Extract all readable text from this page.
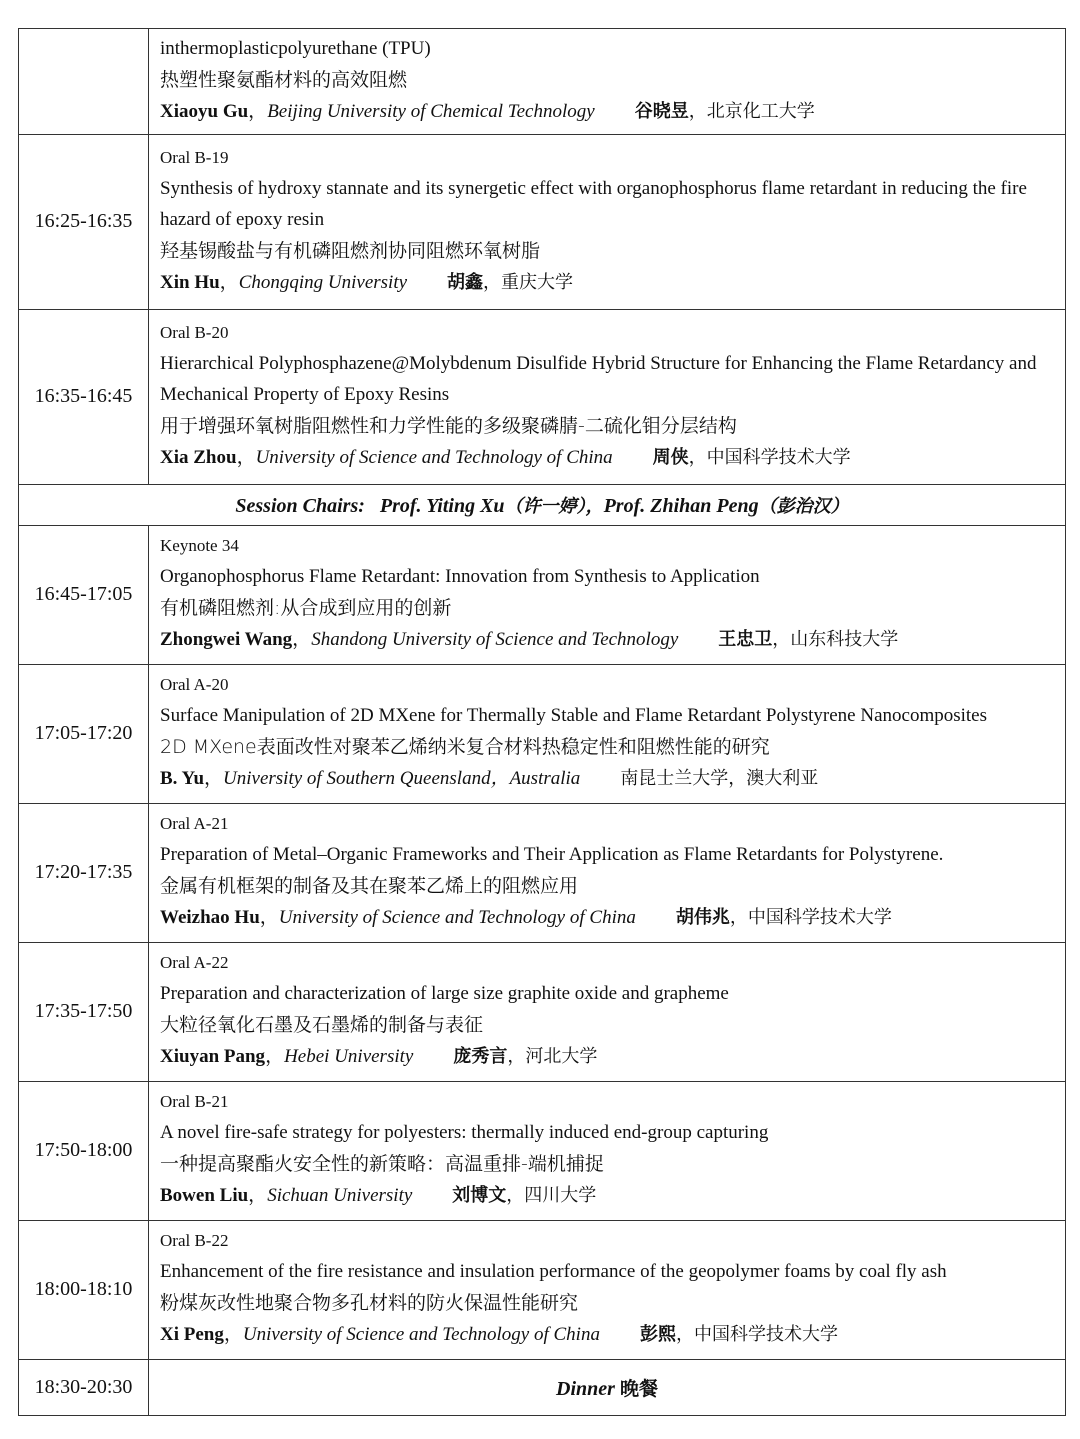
	inthermoplasticpolyurethane (TPU)
热塑性聚氨酯材料的高效阻燃
Xiaoyu Gu，Beijing University of Chemical Technology 谷晓昱，北京化工大学

16:25-16:35	Oral B-19
Synthesis of hydroxy stannate and its synergetic effect with organophosphorus flame retardant in reducing the fire hazard of epoxy resin
羟基锡酸盐与有机磷阻燃剂协同阻燃环氧树脂
Xin Hu，Chongqing University 胡鑫，重庆大学

16:35-16:45	Oral B-20
Hierarchical Polyphosphazene@Molybdenum Disulfide Hybrid Structure for Enhancing the Flame Retardancy and Mechanical Property of Epoxy Resins
用于增强环氧树脂阻燃性和力学性能的多级聚磷腈-二硫化钼分层结构
Xia Zhou，University of Science and Technology of China 周侠，中国科学技术大学

Session Chairs: Prof. Yiting Xu（许一婷），Prof. Zhihan Peng（彭治汉）	
16:45-17:05	Keynote 34
Organophosphorus Flame Retardant: Innovation from Synthesis to Application
有机磷阻燃剂:从合成到应用的创新
Zhongwei Wang，Shandong University of Science and Technology 王忠卫，山东科技大学

17:05-17:20	Oral A-20
Surface Manipulation of 2D MXene for Thermally Stable and Flame Retardant Polystyrene Nanocomposites
2D MXene表面改性对聚苯乙烯纳米复合材料热稳定性和阻燃性能的研究
B. Yu，University of Southern Queensland，Australia 南昆士兰大学，澳大利亚

17:20-17:35	Oral A-21
Preparation of Metal–Organic Frameworks and Their Application as Flame Retardants for Polystyrene.
金属有机框架的制备及其在聚苯乙烯上的阻燃应用
Weizhao Hu，University of Science and Technology of China 胡伟兆，中国科学技术大学

17:35-17:50	Oral A-22
Preparation and characterization of large size graphite oxide and grapheme
大粒径氧化石墨及石墨烯的制备与表征
Xiuyan Pang，Hebei University 庞秀言，河北大学

17:50-18:00	Oral B-21
A novel fire-safe strategy for polyesters: thermally induced end-group capturing
一种提高聚酯火安全性的新策略：高温重排-端机捕捉
Bowen Liu，Sichuan University 刘博文，四川大学

18:00-18:10	Oral B-22
Enhancement of the fire resistance and insulation performance of the geopolymer foams by coal fly ash
粉煤灰改性地聚合物多孔材料的防火保温性能研究
Xi Peng，University of Science and Technology of China 彭熙，中国科学技术大学

18:30-20:30	Dinner 晚餐
